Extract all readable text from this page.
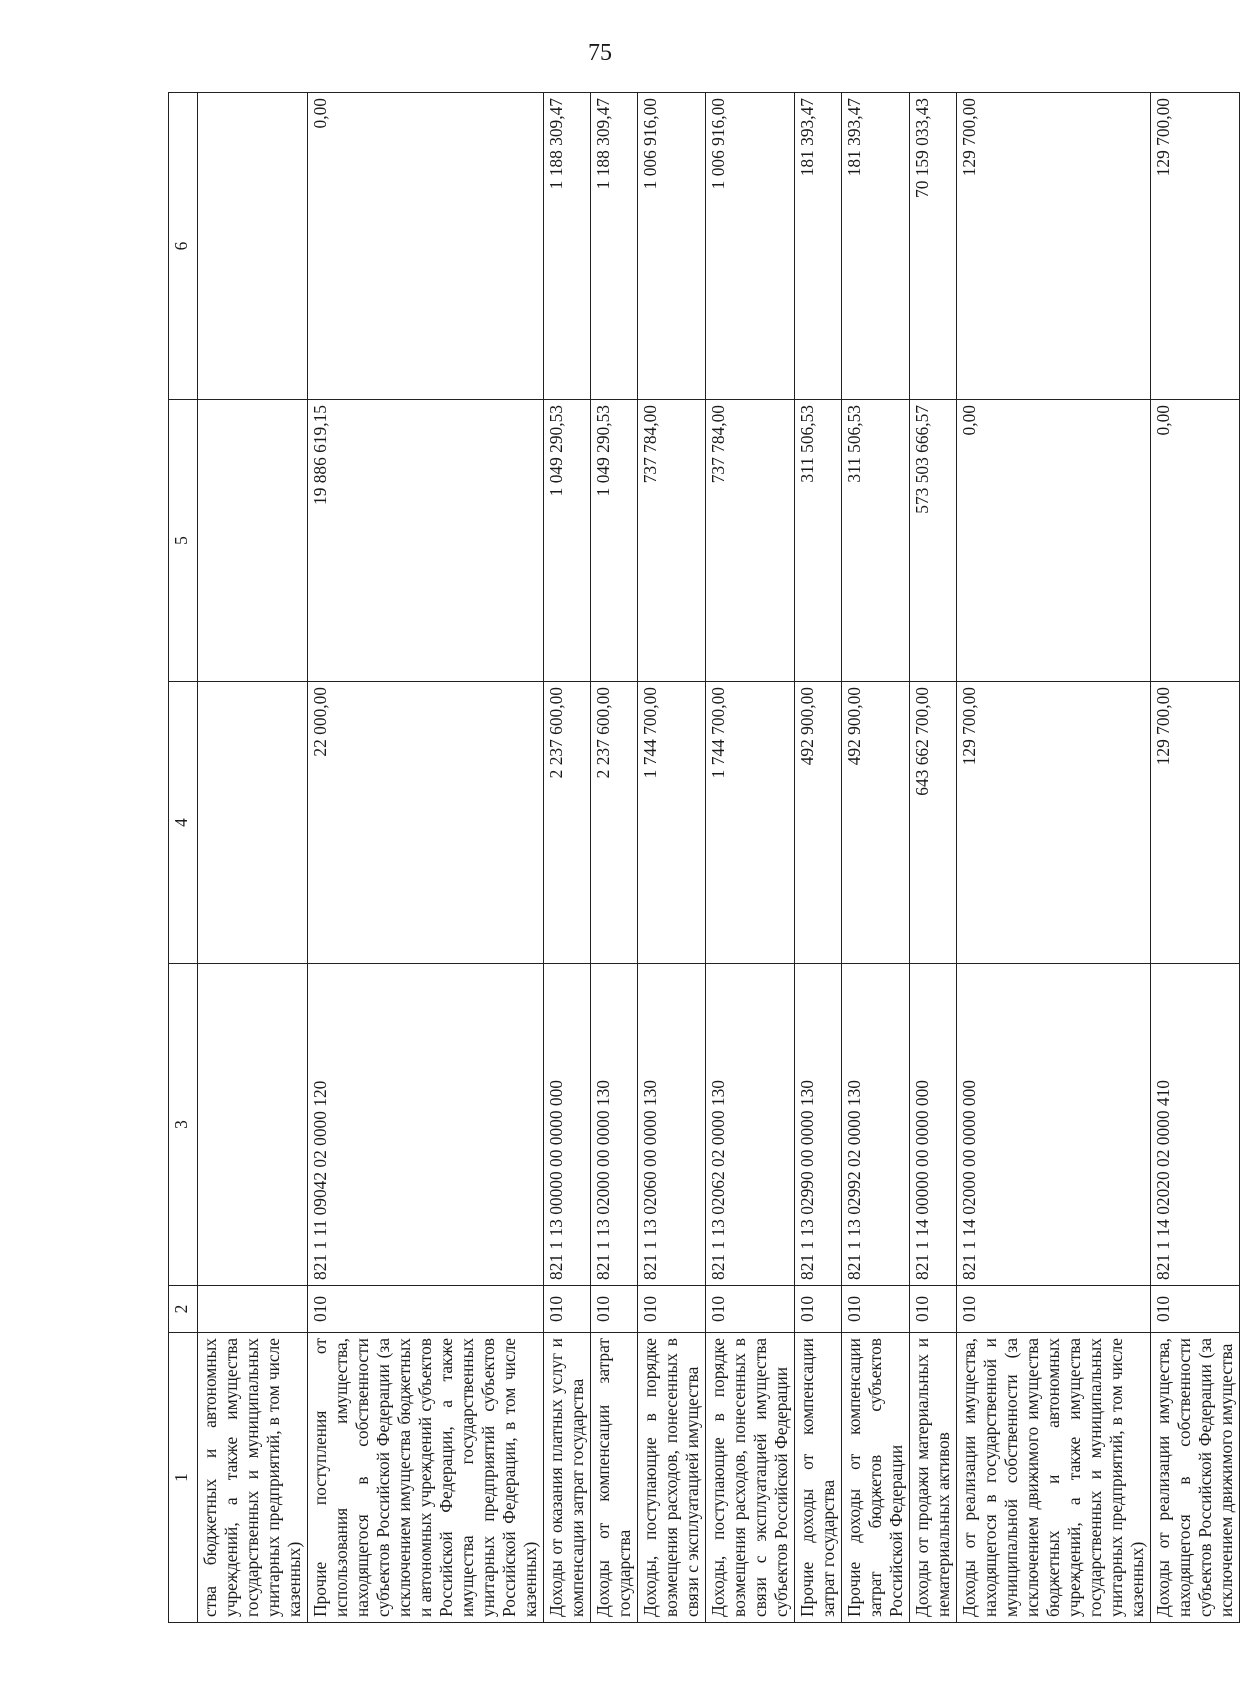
75
1	2	3	4	5	6
ства бюджетных и автономных учреждений, а также имущества государственных и муниципальных унитарных предприятий, в том числе казенных)					
Прочие поступления от использования имущества, находящегося в собственности субъектов Российской Федерации (за исключением имущества бюджетных и автономных учреждений субъектов Российской Федерации, а также имущества государственных унитарных предприятий субъектов Российской Федерации, в том числе казенных)	010	821 1 11 09042 02 0000 120	22 000,00	19 886 619,15	0,00
Доходы от оказания платных услуг и компенсации затрат государства	010	821 1 13 00000 00 0000 000	2 237 600,00	1 049 290,53	1 188 309,47
Доходы от компенсации затрат государства	010	821 1 13 02000 00 0000 130	2 237 600,00	1 049 290,53	1 188 309,47
Доходы, поступающие в порядке возмещения расходов, понесенных в связи с эксплуатацией имущества	010	821 1 13 02060 00 0000 130	1 744 700,00	737 784,00	1 006 916,00
Доходы, поступающие в порядке возмещения расходов, понесенных в связи с эксплуатацией имущества субъектов Российской Федерации	010	821 1 13 02062 02 0000 130	1 744 700,00	737 784,00	1 006 916,00
Прочие доходы от компенсации затрат государства	010	821 1 13 02990 00 0000 130	492 900,00	311 506,53	181 393,47
Прочие доходы от компенсации затрат бюджетов субъектов Российской Федерации	010	821 1 13 02992 02 0000 130	492 900,00	311 506,53	181 393,47
Доходы от продажи материальных и нематериальных активов	010	821 1 14 00000 00 0000 000	643 662 700,00	573 503 666,57	70 159 033,43
Доходы от реализации имущества, находящегося в государственной и муниципальной собственности (за исключением движимого имущества бюджетных и автономных учреждений, а также имущества государственных и муниципальных унитарных предприятий, в том числе казенных)	010	821 1 14 02000 00 0000 000	129 700,00	0,00	129 700,00
Доходы от реализации имущества, находящегося в собственности субъектов Российской Федерации (за исключением движимого имущества	010	821 1 14 02020 02 0000 410	129 700,00	0,00	129 700,00
